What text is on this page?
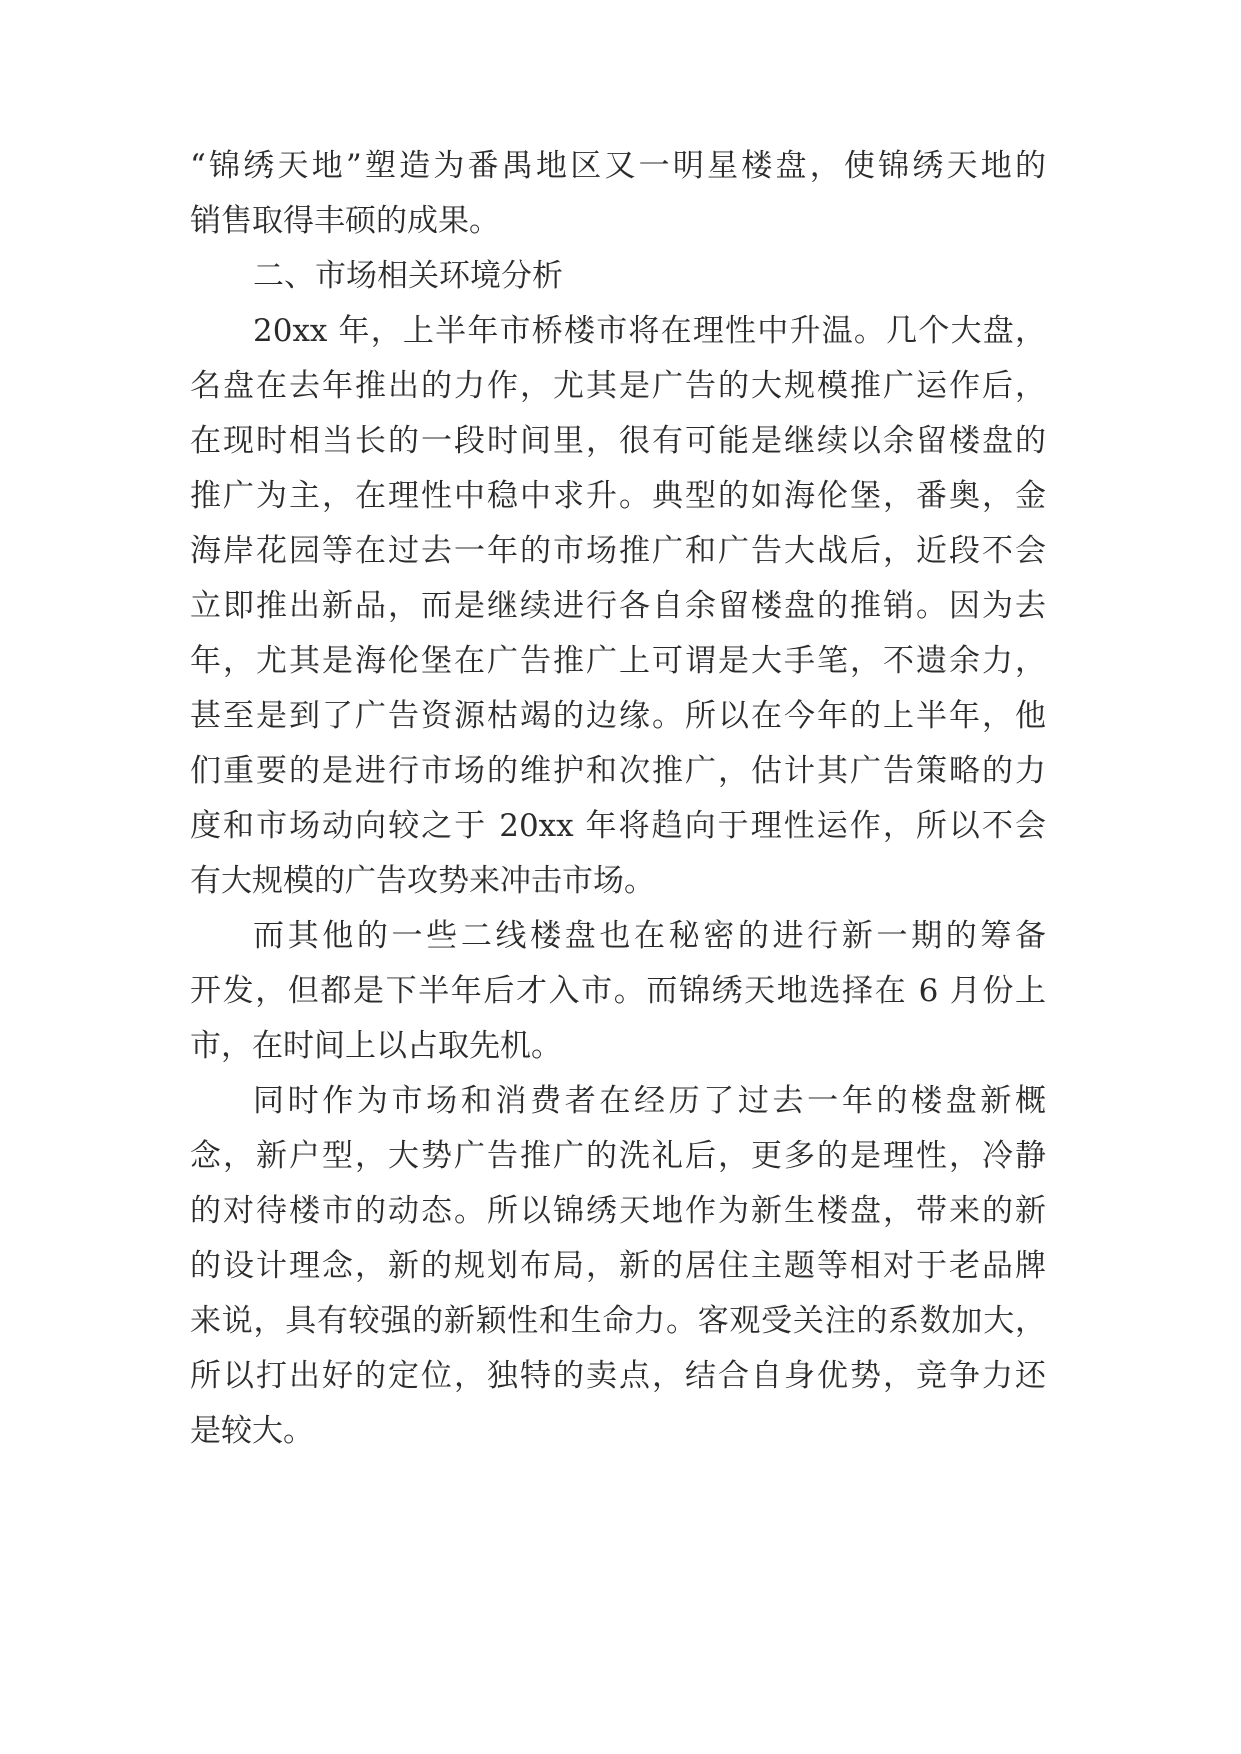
“锦绣天地”塑造为番禺地区又一明星楼盘，使锦绣天地的
销售取得丰硕的成果。
二、市场相关环境分析
20xx 年，上半年市桥楼市将在理性中升温。几个大盘，
名盘在去年推出的力作，尤其是广告的大规模推广运作后，
在现时相当长的一段时间里，很有可能是继续以余留楼盘的
推广为主，在理性中稳中求升。典型的如海伦堡，番奥，金
海岸花园等在过去一年的市场推广和广告大战后，近段不会
立即推出新品，而是继续进行各自余留楼盘的推销。因为去
年，尤其是海伦堡在广告推广上可谓是大手笔，不遗余力，
甚至是到了广告资源枯竭的边缘。所以在今年的上半年，他
们重要的是进行市场的维护和次推广，估计其广告策略的力
度和市场动向较之于 20xx 年将趋向于理性运作，所以不会
有大规模的广告攻势来冲击市场。
而其他的一些二线楼盘也在秘密的进行新一期的筹备
开发，但都是下半年后才入市。而锦绣天地选择在 6 月份上
市，在时间上以占取先机。
同时作为市场和消费者在经历了过去一年的楼盘新概
念，新户型，大势广告推广的洗礼后，更多的是理性，冷静
的对待楼市的动态。所以锦绣天地作为新生楼盘，带来的新
的设计理念，新的规划布局，新的居住主题等相对于老品牌
来说，具有较强的新颖性和生命力。客观受关注的系数加大，
所以打出好的定位，独特的卖点，结合自身优势，竞争力还
是较大。
